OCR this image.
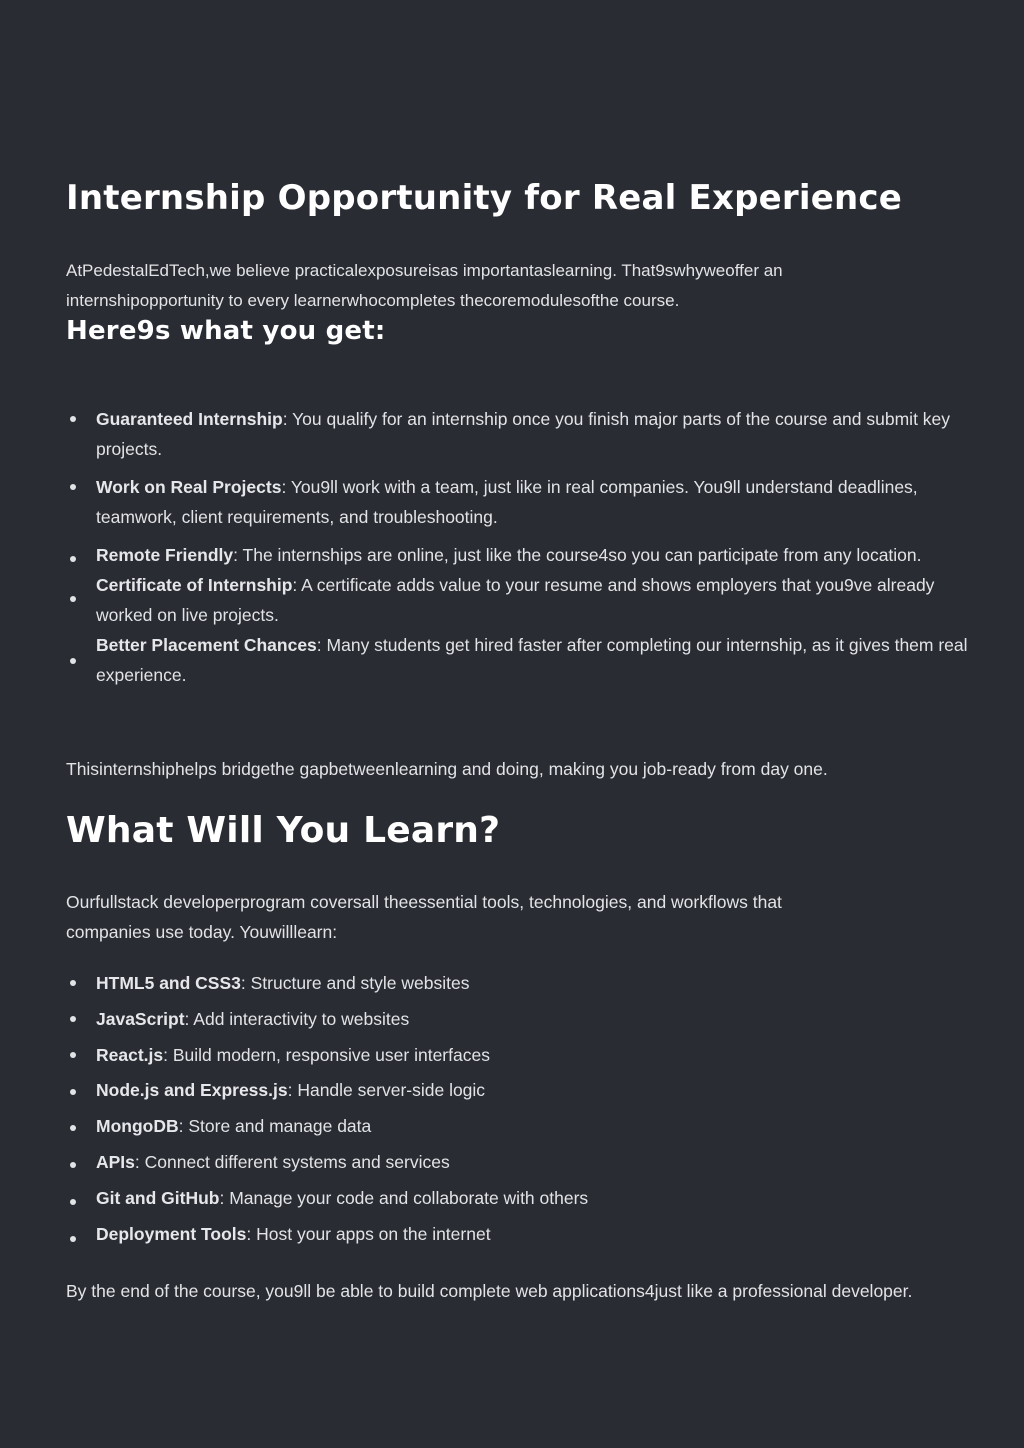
Internship Opportunity for Real Experience

AtPedestalEdTech,we believe practicalexposureisas importantaslearning. That9swhyweoffer an
internshipopportunity to every learnerwhocompletes thecoremodulesofthe course.

Here9s what you get:
Guaranteed Internship: You qualify for an internship once you finish major parts of the course and submit key projects.
Work on Real Projects: You9ll work with a team, just like in real companies. You9ll understand deadlines, teamwork, client requirements, and troubleshooting.
Remote Friendly: The internships are online, just like the course4so you can participate from any location.
Certificate of Internship: A certificate adds value to your resume and shows employers that you9ve already worked on live projects.
Better Placement Chances: Many students get hired faster after completing our internship, as it gives them real experience.

Thisinternshiphelps bridgethe gapbetweenlearning and doing, making you job-ready from day one.

What Will You Learn?

Ourfullstack developerprogram coversall theessential tools, technologies, and workflows that
companies use today. Youwilllearn:

HTML5 and CSS3: Structure and style websites
JavaScript: Add interactivity to websites
React.js: Build modern, responsive user interfaces
Node.js and Express.js: Handle server-side logic
MongoDB: Store and manage data
APIs: Connect different systems and services
Git and GitHub: Manage your code and collaborate with others
Deployment Tools: Host your apps on the internet

By the end of the course, you9ll be able to build complete web applications4just like a professional developer.
